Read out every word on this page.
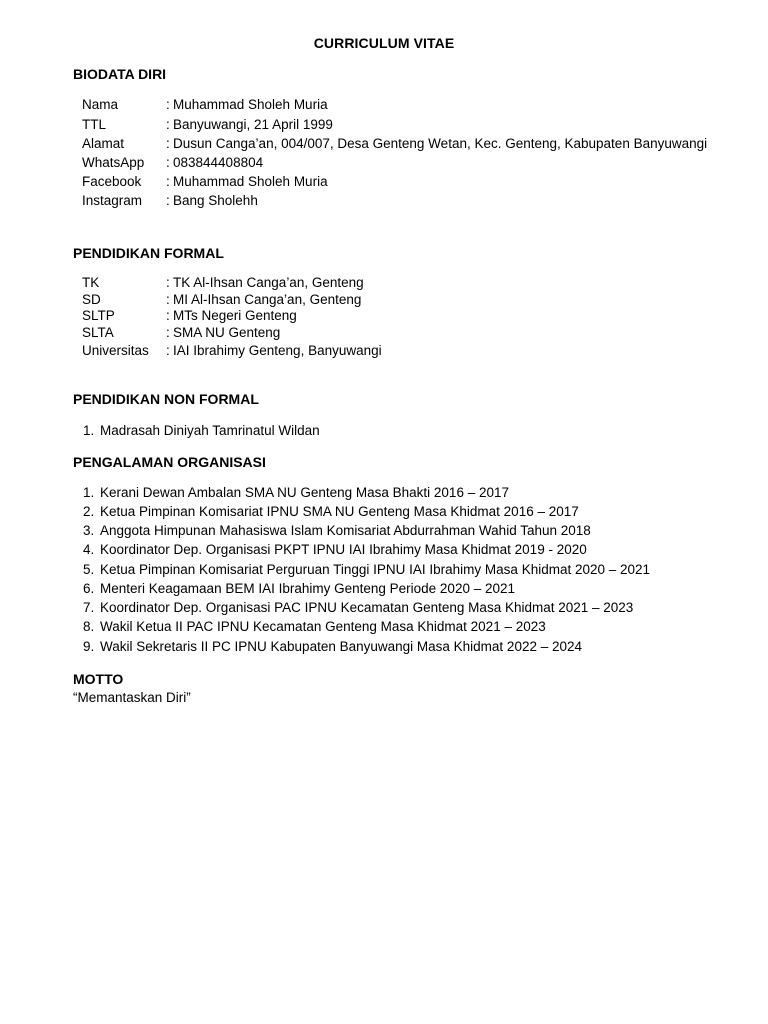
CURRICULUM VITAE
BIODATA DIRI
Nama	: Muhammad Sholeh Muria
TTL	: Banyuwangi, 21 April 1999
Alamat	: Dusun Canga’an, 004/007, Desa Genteng Wetan, Kec. Genteng, Kabupaten Banyuwangi
WhatsApp : 083844408804
Facebook : Muhammad Sholeh Muria
Instagram : Bang Sholehh
PENDIDIKAN FORMAL
TK	: TK Al-Ihsan Canga’an, Genteng
SD	: MI Al-Ihsan Canga’an, Genteng
SLTP	: MTs Negeri Genteng
SLTA	: SMA NU Genteng
Universitas : IAI Ibrahimy Genteng, Banyuwangi
PENDIDIKAN NON FORMAL
1. Madrasah Diniyah Tamrinatul Wildan
PENGALAMAN ORGANISASI
1. Kerani Dewan Ambalan SMA NU Genteng Masa Bhakti 2016 – 2017
2. Ketua Pimpinan Komisariat IPNU SMA NU Genteng Masa Khidmat 2016 – 2017
3. Anggota Himpunan Mahasiswa Islam Komisariat Abdurrahman Wahid Tahun 2018
4. Koordinator Dep. Organisasi PKPT IPNU IAI Ibrahimy Masa Khidmat 2019 - 2020
5. Ketua Pimpinan Komisariat Perguruan Tinggi IPNU IAI Ibrahimy Masa Khidmat 2020 – 2021
6. Menteri Keagamaan BEM IAI Ibrahimy Genteng Periode 2020 – 2021
7. Koordinator Dep. Organisasi PAC IPNU Kecamatan Genteng Masa Khidmat 2021 – 2023
8. Wakil Ketua II PAC IPNU Kecamatan Genteng Masa Khidmat 2021 – 2023
9. Wakil Sekretaris II PC IPNU Kabupaten Banyuwangi Masa Khidmat 2022 – 2024
MOTTO
“Memantaskan Diri”
